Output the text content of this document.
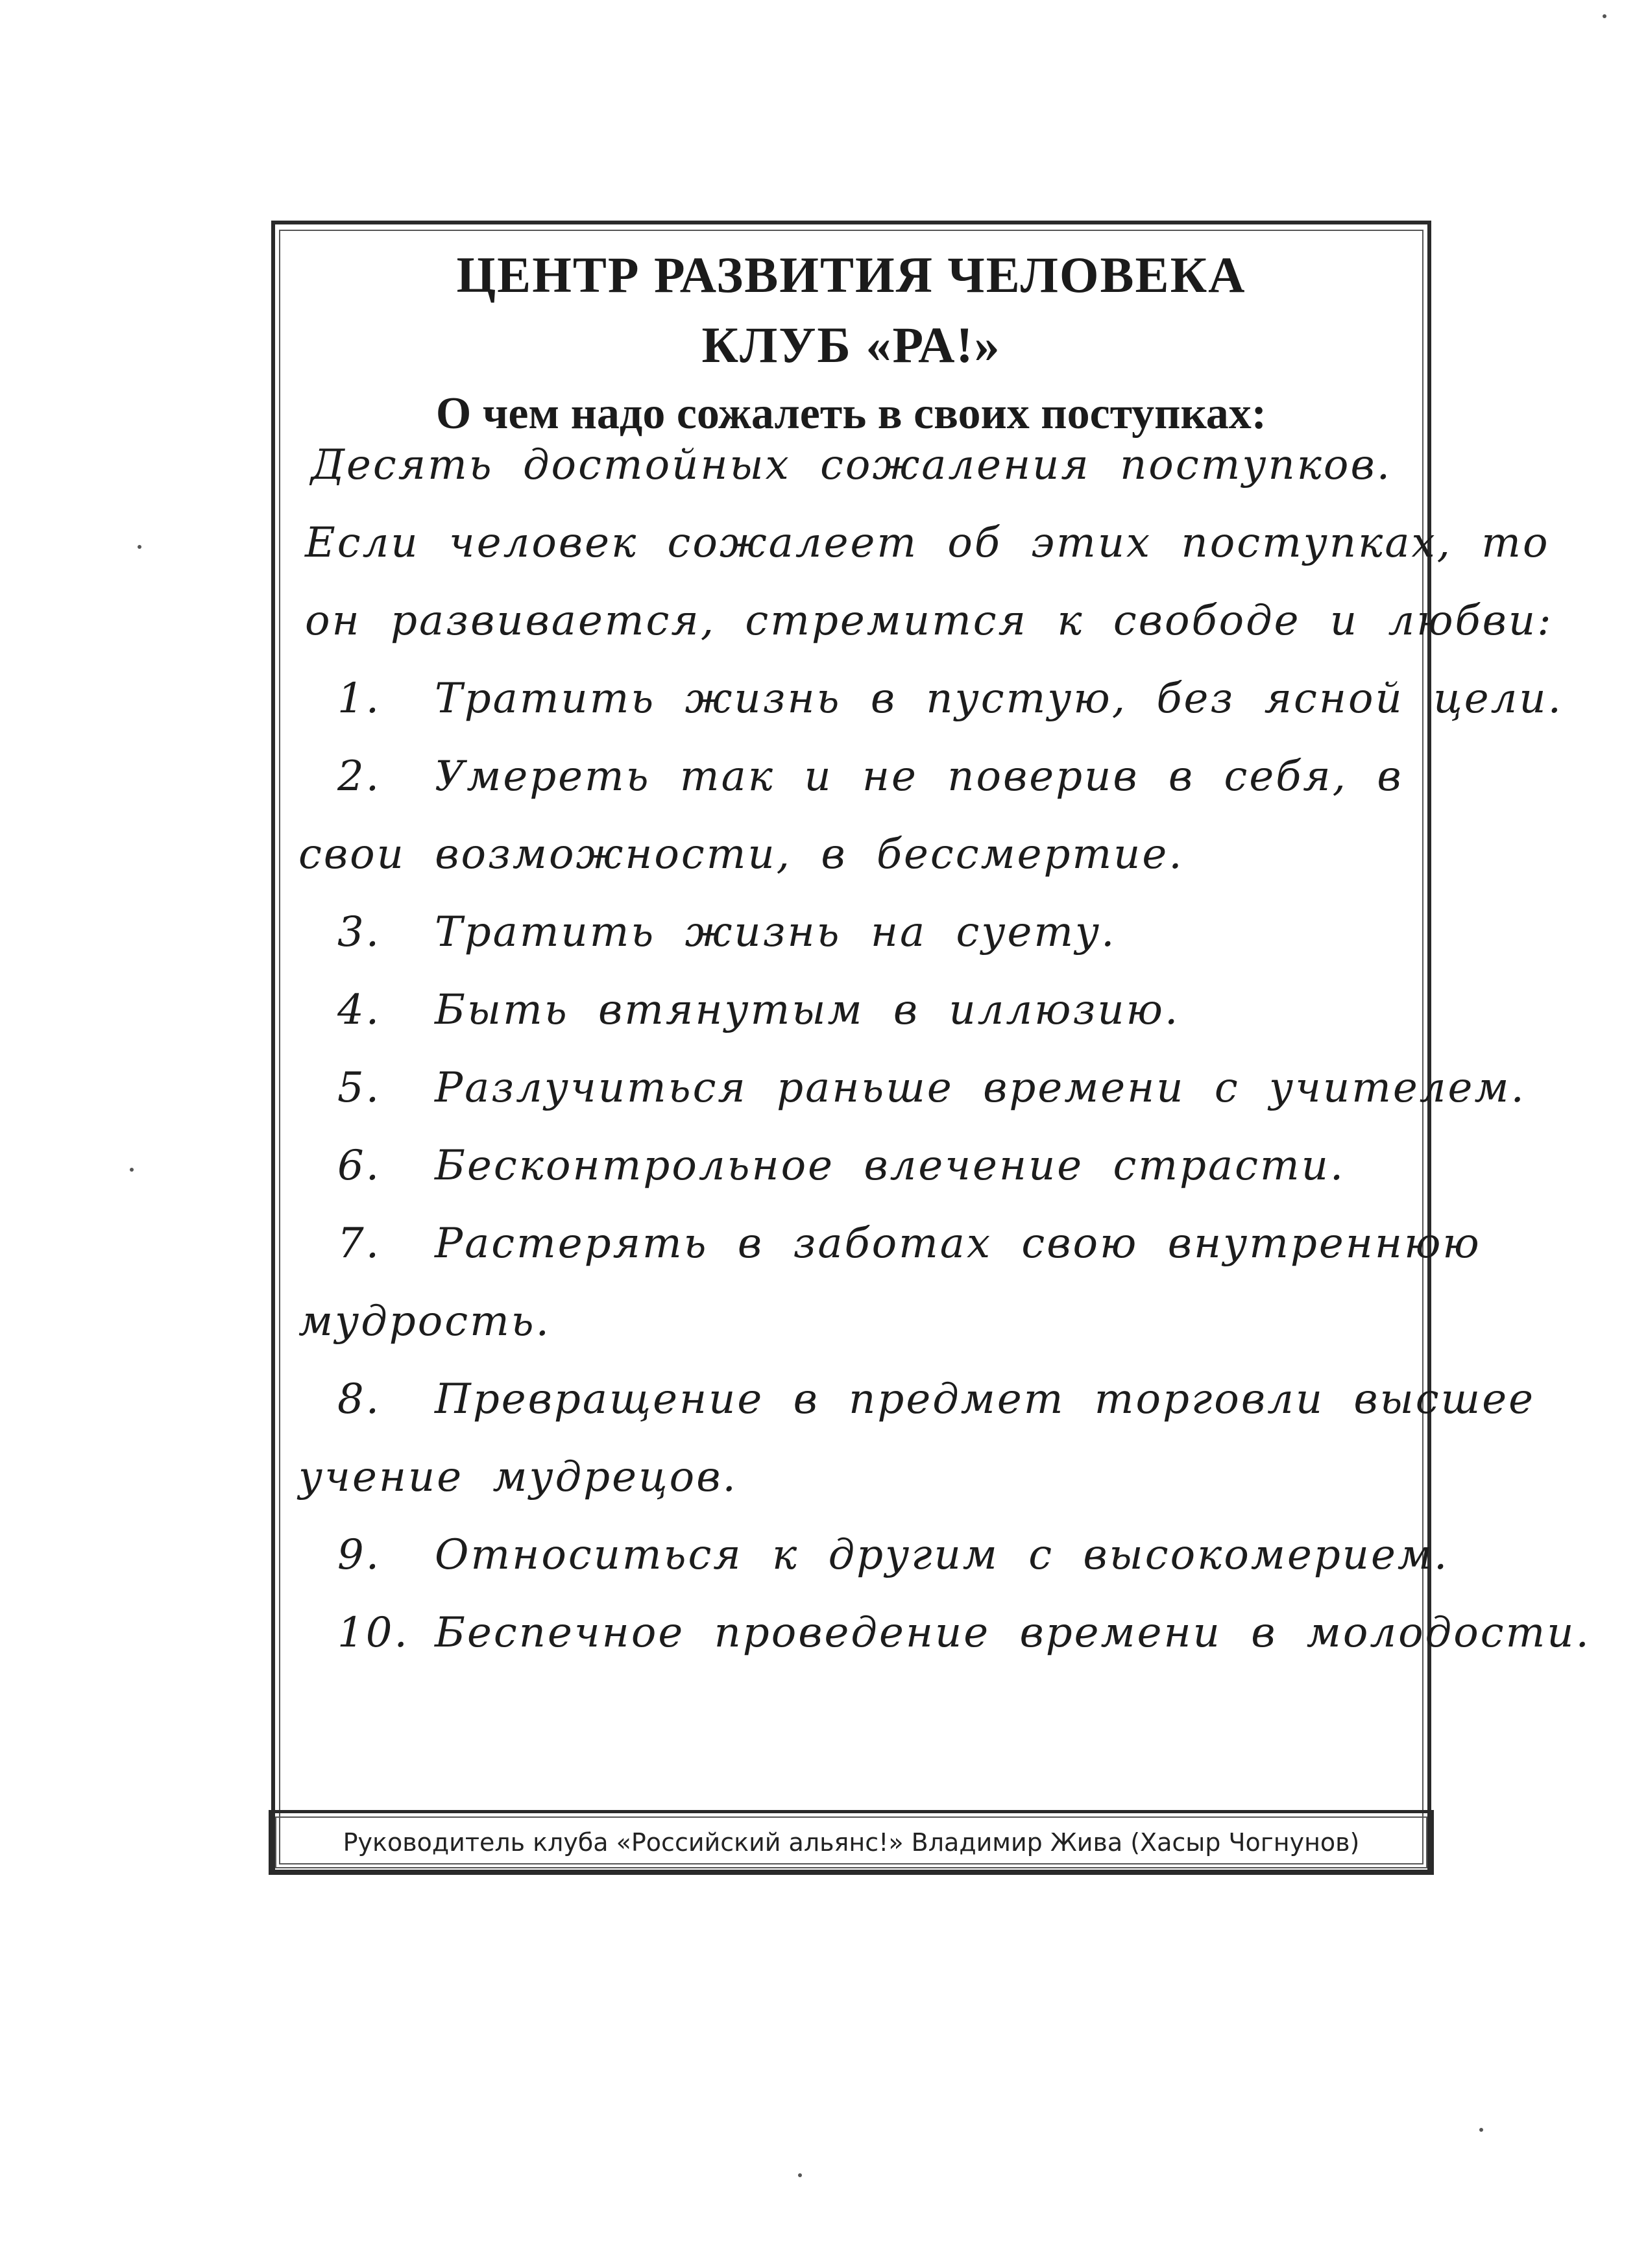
ЦЕНТР РАЗВИТИЯ ЧЕЛОВЕКА
КЛУБ «РА!»
О чем надо сожалеть в своих поступках:
Десять достойных сожаления поступков.
Если человек сожалеет об этих поступках, то
он развивается, стремится к свободе и любви:
1. Тратить жизнь в пустую, без ясной цели.
2. Умереть так и не поверив в себя, в
свои возможности, в бессмертие.
3. Тратить жизнь на суету.
4. Быть втянутым в иллюзию.
5. Разлучиться раньше времени с учителем.
6. Бесконтрольное влечение страсти.
7. Растерять в заботах свою внутреннюю
мудрость.
8. Превращение в предмет торговли высшее
учение мудрецов.
9. Относиться к другим с высокомерием.
10. Беспечное проведение времени в молодости.
Руководитель клуба «Российский альянс!» Владимир Жива (Хасыр Чогнунов)
